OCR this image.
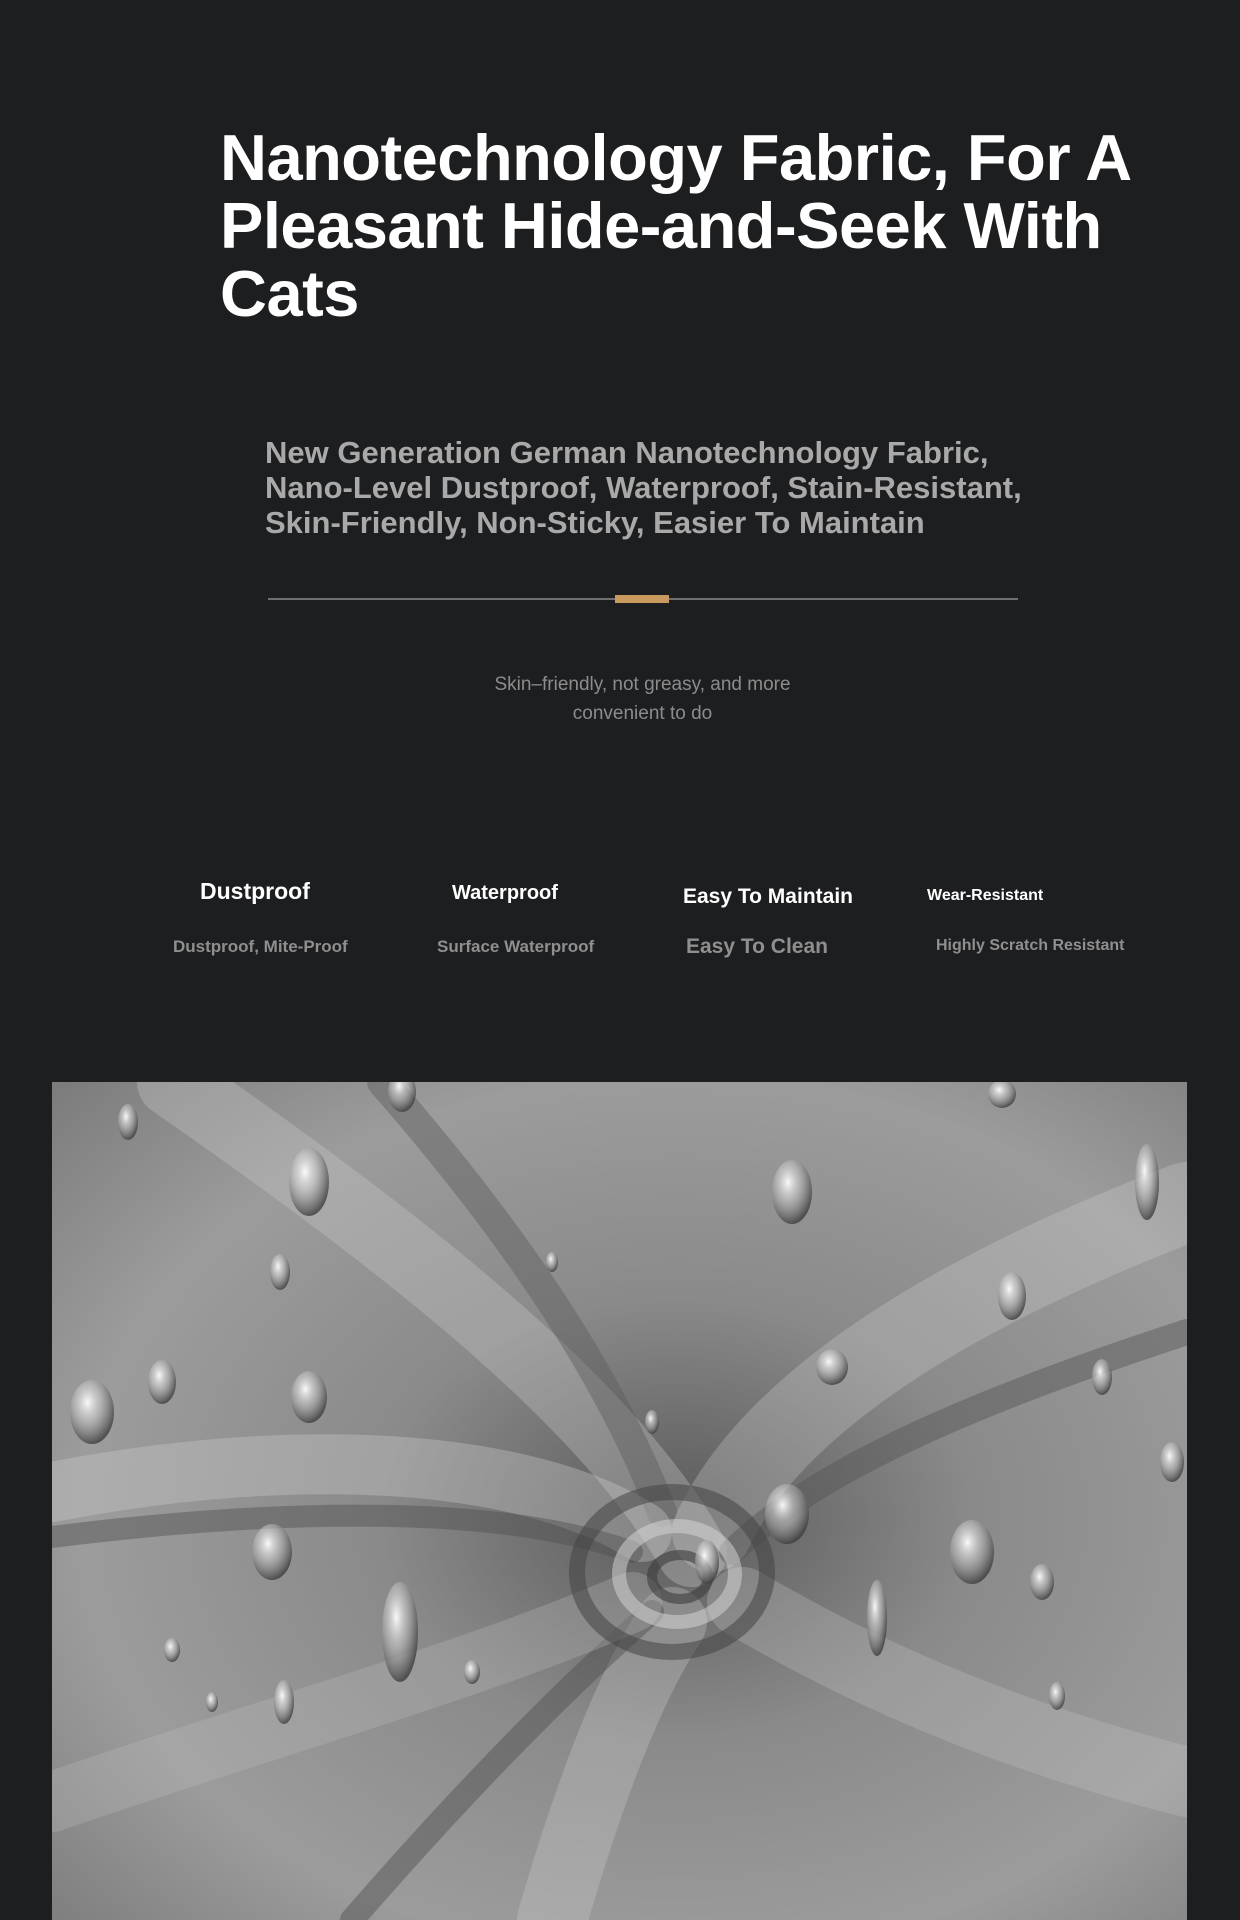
Nanotechnology Fabric, For A
Pleasant Hide-and-Seek With
Cats
New Generation German Nanotechnology Fabric,
Nano-Level Dustproof, Waterproof, Stain-Resistant,
Skin-Friendly, Non-Sticky, Easier To Maintain
Skin–friendly, not greasy, and more
convenient to do
Dustproof
Dustproof, Mite-Proof
Waterproof
Surface Waterproof
Easy To Maintain
Easy To Clean
Wear-Resistant
Highly Scratch Resistant
